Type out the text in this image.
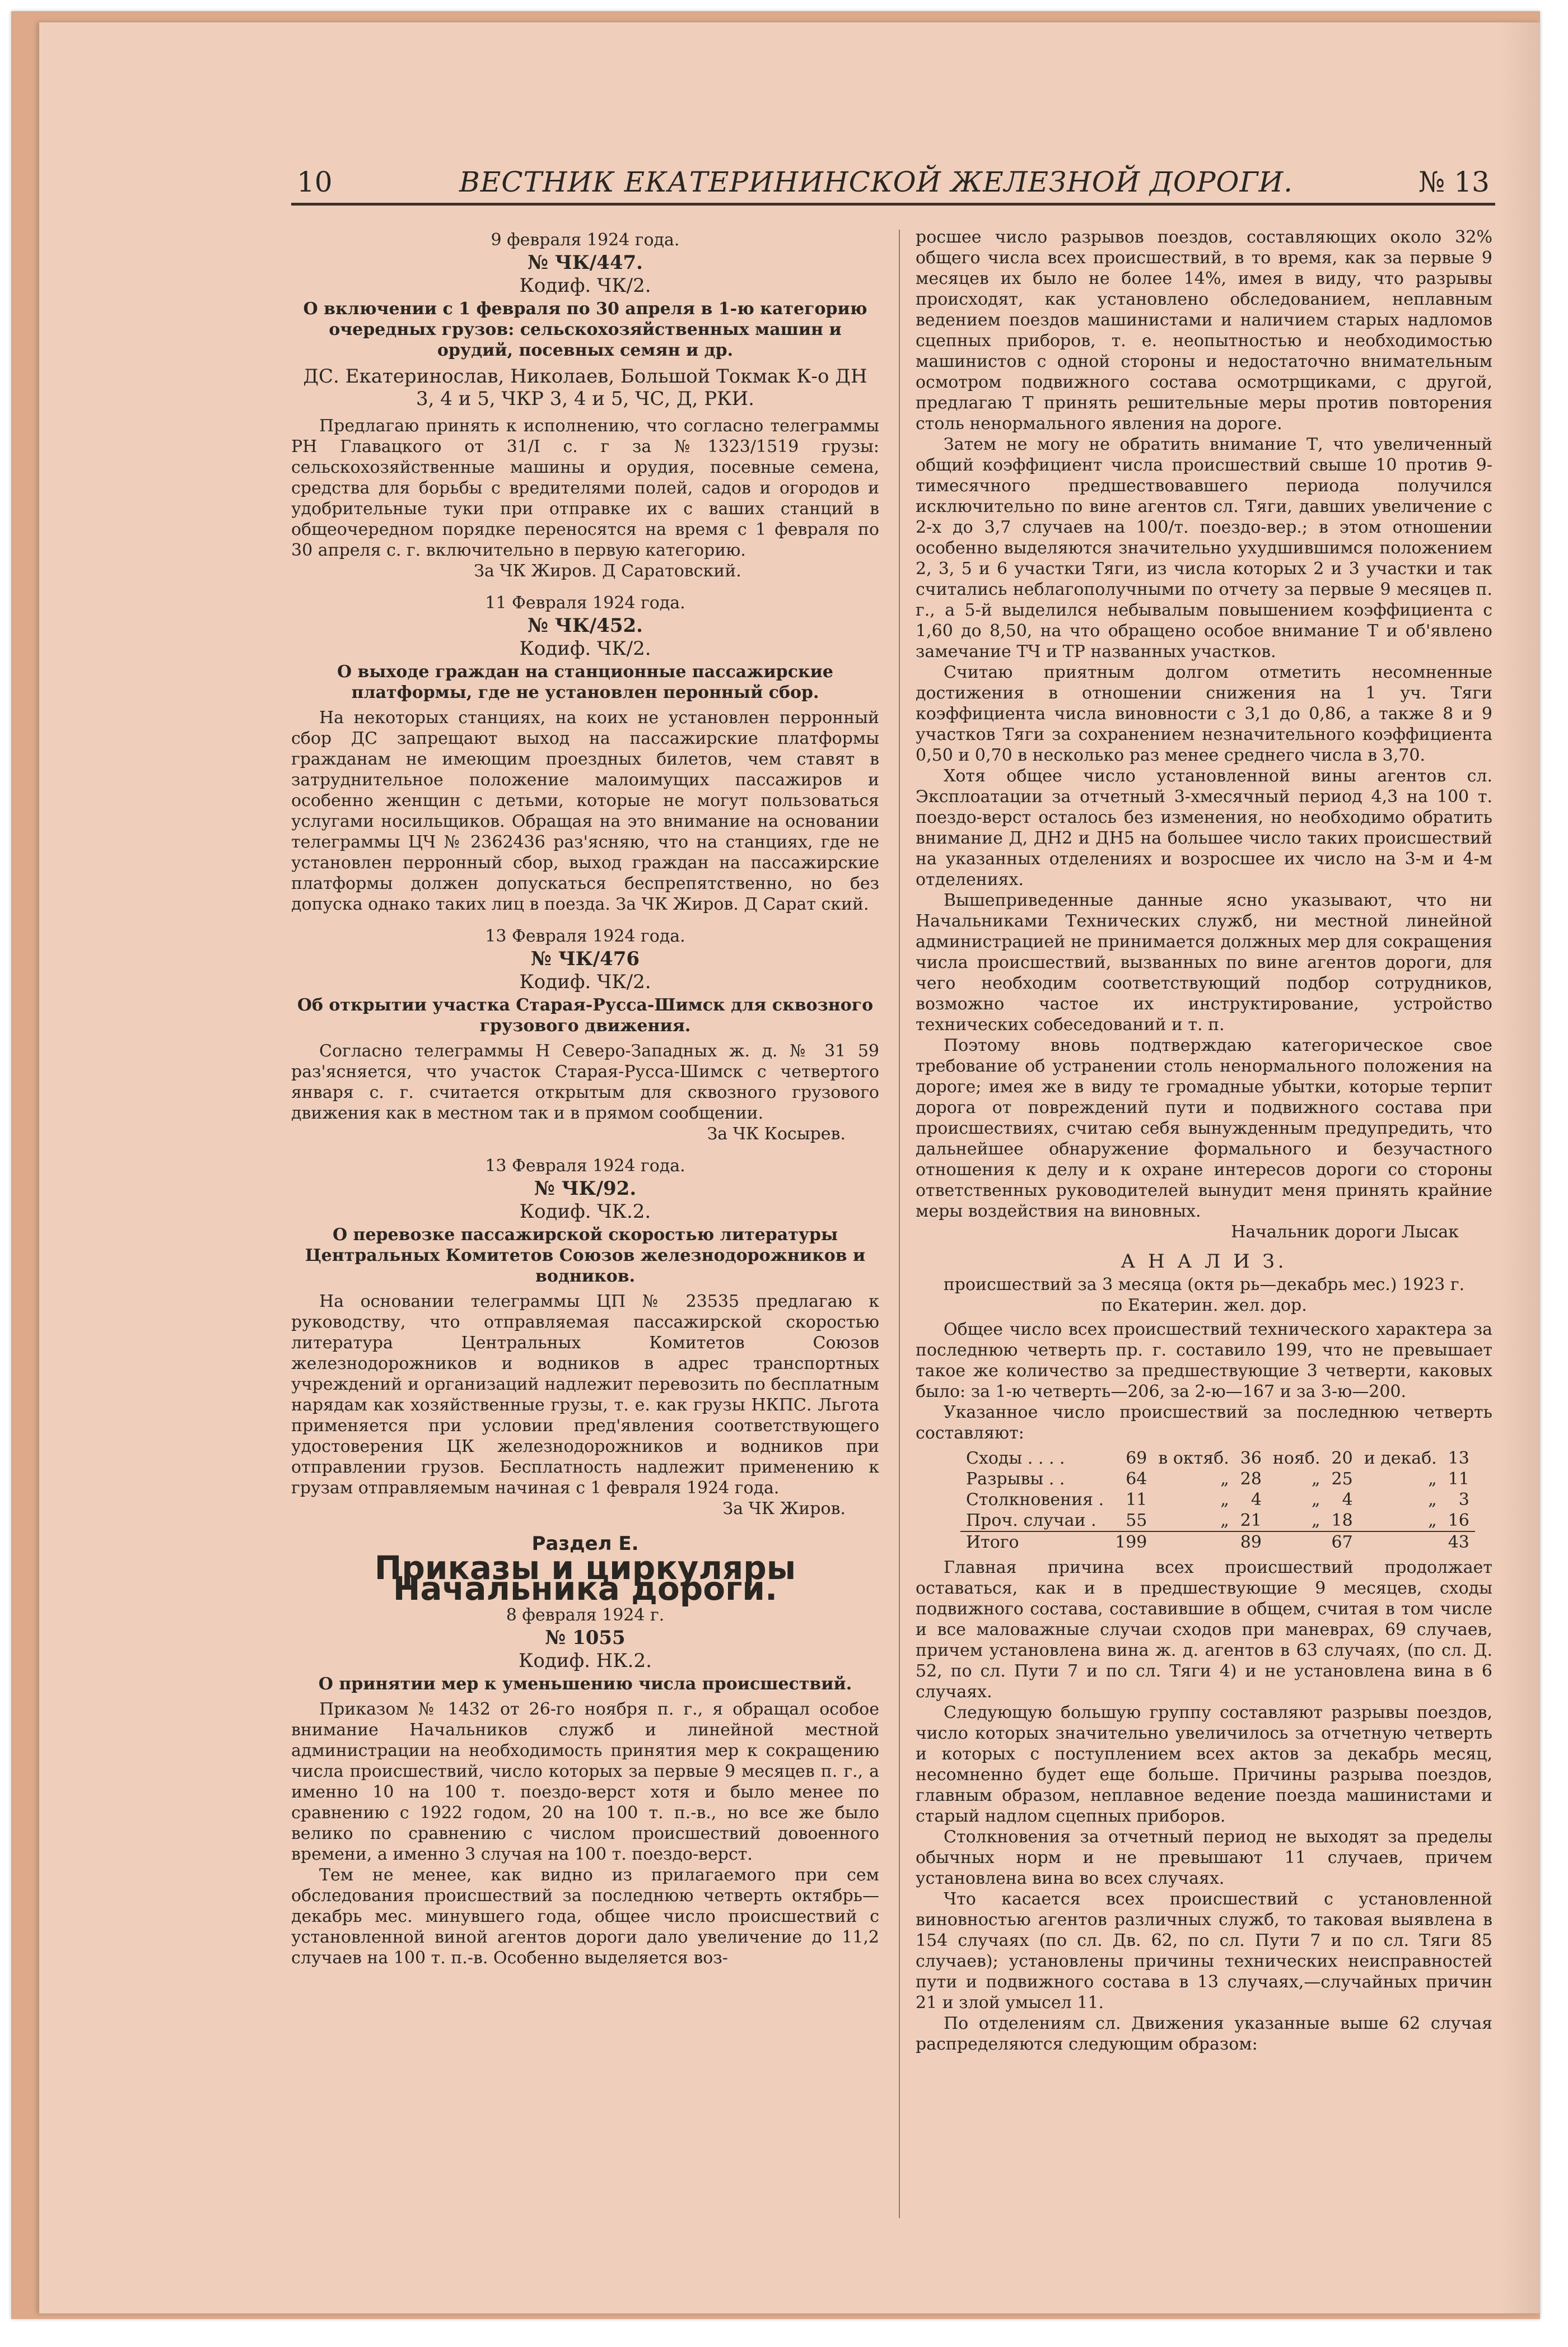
10	ВЕСТНИК ЕКАТЕРИНИНСКОЙ ЖЕЛЕЗНОЙ ДОРОГИ.	№ 13
9 февраля 1924 года.
№ ЧК/447.
Кодиф. ЧК/2.
О включении с 1 февраля по 30 апреля в 1-ю категорию очередных грузов: сельскохозяйственных машин и орудий, посевных семян и др.
ДС. Екатеринослав, Николаев, Большой Токмак К-о ДН 3, 4 и 5, ЧКР 3, 4 и 5, ЧС, Д, РКИ.

Предлагаю принять к исполнению, что согласно телеграммы РН Главацкого от 31/I с. г за №1323/1519 грузы: сельскохозяйственные машины и орудия, посевные семена, средства для борьбы с вредителями полей, садов и огородов и удобрительные туки при отправке их с ваших станций в общеочередном порядке переносятся на время с 1 февраля по 30 апреля с. г. включительно в первую категорию.

За ЧК Жиров. Д Саратовский.
11 Февраля 1924 года.
№ ЧК/452.
Кодиф. ЧК/2.
О выходе граждан на станционные пассажирские платформы, где не установлен перонный сбор.

На некоторых станциях, на коих не установлен перронный сбор ДС запрещают выход на пассажирские платформы гражданам не имеющим проездных билетов, чем ставят в затруднительное положение малоимущих пассажиров и особенно женщин с детьми, которые не могут пользоваться услугами носильщиков. Обращая на это внимание на основании телеграммы ЦЧ № 2362436 раз'ясняю, что на станциях, где не установлен перронный сбор, выход граждан на пассажирские платформы должен допускаться беспрепятственно, но без допуска однако таких лиц в поезда. За ЧК Жиров. Д Сарат ский.

13 Февраля 1924 года.
№ ЧК/476
Кодиф. ЧК/2.
Об открытии участка Старая-Русса-Шимск для сквозного грузового движения.

Согласно телеграммы Н Северо-Западных ж. д. № 31 59 раз'ясняется, что участок Старая-Русса-Шимск с четвертого января с. г. считается открытым для сквозного грузового движения как в местном так и в прямом сообщении.

За ЧК Косырев.
13 Февраля 1924 года.
№ ЧК/92.
Кодиф. ЧК.2.
О перевозке пассажирской скоростью литературы Центральных Комитетов Союзов железнодорожников и водников.

На основании телеграммы ЦП № 23535 предлагаю к руководству, что отправляемая пассажирской скоростью литература Центральных Комитетов Союзов железнодорожников и водников в адрес транспортных учреждений и организаций надлежит перевозить по бесплатным нарядам как хозяйственные грузы, т. е. как грузы НКПС. Льгота применяется при условии пред'явления соответствующего удостоверения ЦК железнодорожников и водников при отправлении грузов. Бесплатность надлежит применению к грузам отправляемым начиная с 1 февраля 1924 года.

За ЧК Жиров.
Раздел Е.
Приказы и циркуляры Начальника дороги.
8 февраля 1924 г.
№ 1055
Кодиф. НК.2.
О принятии мер к уменьшению числа происшествий.

Приказом № 1432 от 26-го ноября п. г., я обращал особое внимание Начальников служб и линейной местной администрации на необходимость принятия мер к сокращению числа происшествий, число которых за первые 9 месяцев п. г., а именно 10 на 100 т. поездо-верст хотя и было менее по сравнению с 1922 годом, 20 на 100 т. п.-в., но все же было велико по сравнению с числом происшествий довоенного времени, а именно 3 случая на 100 т. поездо-верст.

Тем не менее, как видно из прилагаемого при сем обследования происшествий за последнюю четверть октябрь—декабрь мес. минувшего года, общее число происшествий с установленной виной агентов дороги дало увеличение до 11,2 случаев на 100 т. п.-в. Особенно выделяется воз-

росшее число разрывов поездов, составляющих около 32% общего числа всех происшествий, в то время, как за первые 9 месяцев их было не более 14%, имея в виду, что разрывы происходят, как установлено обследованием, неплавным ведением поездов машинистами и наличием старых надломов сцепных приборов, т. е. неопытностью и необходимостью машинистов с одной стороны и недостаточно внимательным осмотром подвижного состава осмотрщиками, с другой, предлагаю Т принять решительные меры против повторения столь ненормального явления на дороге.

Затем не могу не обратить внимание Т, что увеличенный общий коэффициент числа происшествий свыше 10 против 9-тимесячного предшествовавшего периода получился исключительно по вине агентов сл. Тяги, давших увеличение с 2-х до 3,7 случаев на 100/т. поездо-вер.; в этом отношении особенно выделяются значительно ухудшившимся положением 2, 3, 5 и 6 участки Тяги, из числа которых 2 и 3 участки и так считались неблагополучными по отчету за первые 9 месяцев п. г., а 5-й выделился небывалым повышением коэффициента с 1,60 до 8,50, на что обращено особое внимание Т и об'явлено замечание ТЧ и ТР названных участков.

Считаю приятным долгом отметить несомненные достижения в отношении снижения на 1 уч. Тяги коэффициента числа виновности с 3,1 до 0,86, а также 8 и 9 участков Тяги за сохранением незначительного коэффициента 0,50 и 0,70 в несколько раз менее среднего числа в 3,70.

Хотя общее число установленной вины агентов сл. Эксплоатации за отчетный 3-хмесячный период 4,3 на 100 т. поездо-верст осталось без изменения, но необходимо обратить внимание Д, ДН2 и ДН5 на большее число таких происшествий на указанных отделениях и возросшее их число на 3-м и 4-м отделениях.

Вышеприведенные данные ясно указывают, что ни Начальниками Технических служб, ни местной линейной администрацией не принимается должных мер для сокращения числа происшествий, вызванных по вине агентов дороги, для чего необходим соответствующий подбор сотрудников, возможно частое их инструктирование, устройство технических собеседований и т. п.

Поэтому вновь подтверждаю категорическое свое требование об устранении столь ненормального положения на дороге; имея же в виду те громадные убытки, которые терпит дорога от повреждений пути и подвижного состава при происшествиях, считаю себя вынужденным предупредить, что дальнейшее обнаружение формального и безучастного отношения к делу и к охране интересов дороги со стороны ответственных руководителей вынудит меня принять крайние меры воздействия на виновных.

Начальник дороги Лысак
А Н А Л И З.
происшествий за 3 месяца (октя рь—декабрь мес.) 1923 г.
по Екатерин. жел. дор.

Общее число всех происшествий технического характера за последнюю четверть пр. г. составило 199, что не превышает такое же количество за предшествующие 3 четверти, каковых было: за 1-ю четверть—206, за 2-ю—167 и за 3-ю—200.

Указанное число происшествий за последнюю четверть составляют:

Сходы . . . .	69	в октяб.	36	нояб.	20	и декаб.	13
Разрывы . .	64	„	28	„	25	„	11
Столкновения .	11	„	4	„	4	„	3
Проч. случаи .	55	„	21	„	18	„	16
Итого	199		89		67		43

Главная причина всех происшествий продолжает оставаться, как и в предшествующие 9 месяцев, сходы подвижного состава, составившие в общем, считая в том числе и все маловажные случаи сходов при маневрах, 69 случаев, причем установлена вина ж. д. агентов в 63 случаях, (по сл. Д. 52, по сл. Пути 7 и по сл. Тяги 4) и не установлена вина в 6 случаях.

Следующую большую группу составляют разрывы поездов, число которых значительно увеличилось за отчетную четверть и которых с поступлением всех актов за декабрь месяц, несомненно будет еще больше. Причины разрыва поездов, главным образом, неплавное ведение поезда машинистами и старый надлом сцепных приборов.

Столкновения за отчетный период не выходят за пределы обычных норм и не превышают 11 случаев, причем установлена вина во всех случаях.

Что касается всех происшествий с установленной виновностью агентов различных служб, то таковая выявлена в 154 случаях (по сл. Дв. 62, по сл. Пути 7 и по сл. Тяги 85 случаев); установлены причины технических неисправностей пути и подвижного состава в 13 случаях,—случайных причин 21 и злой умысел 11.

По отделениям сл. Движения указанные выше 62 случая распределяются следующим образом:
